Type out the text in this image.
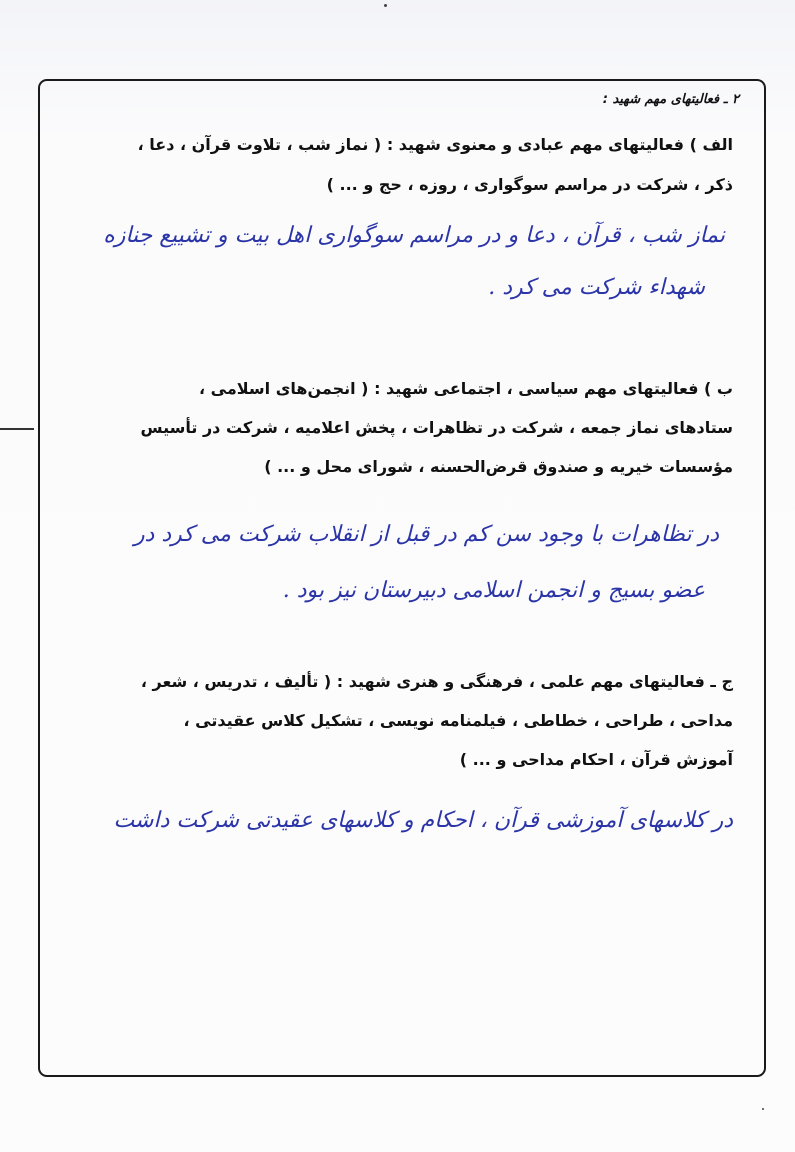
۲ ـ فعالیتهای مهم شهید :
الف ) فعالیتهای مهم عبادی و معنوی شهید : ( نماز شب ، تلاوت قرآن ، دعا ،
ذکر ، شرکت در مراسم سوگواری ، روزه ، حج و ... )
نماز شب ، قرآن ، دعا و در مراسم سوگواری اهل بیت و تشییع جنازه
شهداء شرکت می کرد .
ب ) فعالیتهای مهم سیاسی ، اجتماعی شهید : ( انجمن‌های اسلامی ،
ستادهای نماز جمعه ، شرکت در تظاهرات ، پخش اعلامیه ، شرکت در تأسیس
مؤسسات خیریه و صندوق قرض‌الحسنه ، شورای محل و ... )
در تظاهرات با وجود سن کم در قبل از انقلاب شرکت می کرد در
عضو بسیج و انجمن اسلامی دبیرستان نیز بود .
ج ـ فعالیتهای مهم علمی ، فرهنگی و هنری شهید : ( تألیف ، تدریس ، شعر ،
مداحی ، طراحی ، خطاطی ، فیلمنامه نویسی ، تشکیل کلاس عقیدتی ،
آموزش قرآن ، احکام مداحی و ... )
در کلاسهای آموزشی قرآن ، احکام و کلاسهای عقیدتی شرکت داشت
